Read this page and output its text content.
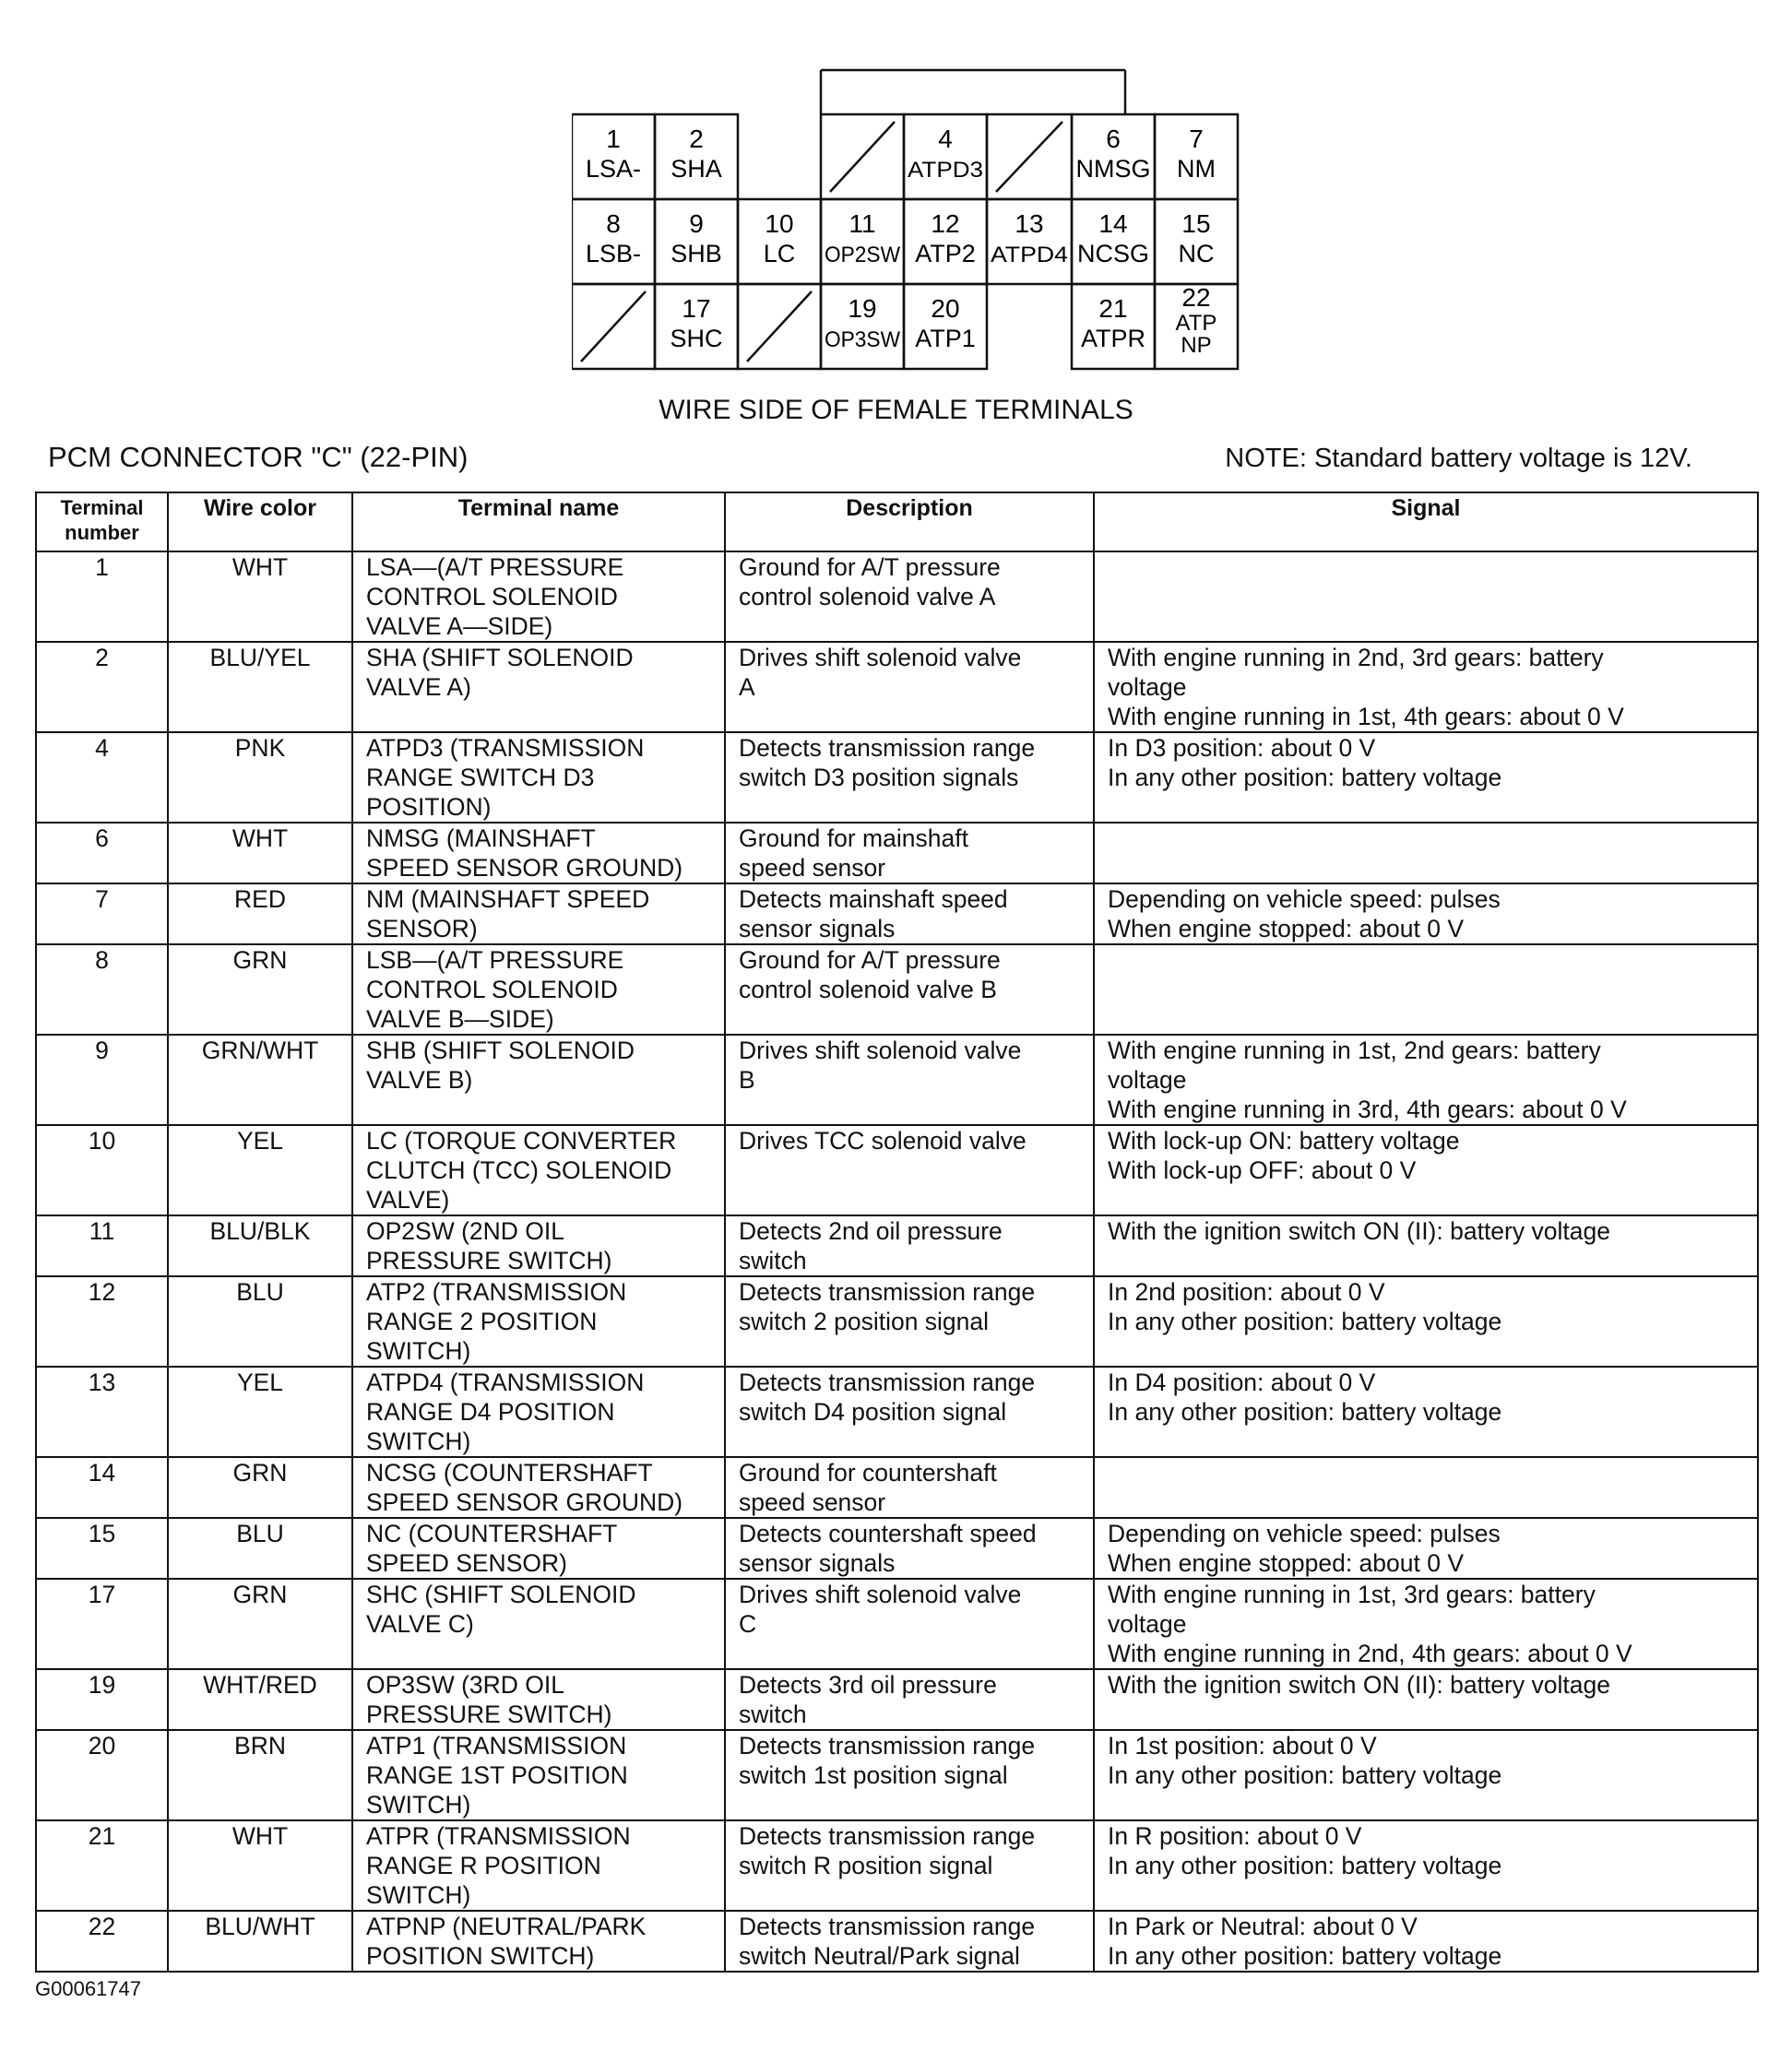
1
LSA-
2
SHA
4
ATPD3
6
NMSG
7
NM
8
LSB-
9
SHB
10
LC
11
OP2SW
12
ATP2
13
ATPD4
14
NCSG
15
NC
17
SHC
19
OP3SW
20
ATP1
21
ATPR
22
ATP
NP
WIRE SIDE OF FEMALE TERMINALS
PCM CONNECTOR "C" (22-PIN)	NOTE: Standard battery voltage is 12V.
Terminal
number	Wire color	Terminal name	Description	Signal
1	WHT	LSA—(A/T PRESSURE
CONTROL SOLENOID
VALVE A—SIDE)	Ground for A/T pressure
control solenoid valve A	
2	BLU/YEL	SHA (SHIFT SOLENOID
VALVE A)	Drives shift solenoid valve
A	With engine running in 2nd, 3rd gears: battery
voltage
With engine running in 1st, 4th gears: about 0 V
4	PNK	ATPD3 (TRANSMISSION
RANGE SWITCH D3
POSITION)	Detects transmission range
switch D3 position signals	In D3 position: about 0 V
In any other position: battery voltage
6	WHT	NMSG (MAINSHAFT
SPEED SENSOR GROUND)	Ground for mainshaft
speed sensor	
7	RED	NM (MAINSHAFT SPEED
SENSOR)	Detects mainshaft speed
sensor signals	Depending on vehicle speed: pulses
When engine stopped: about 0 V
8	GRN	LSB—(A/T PRESSURE
CONTROL SOLENOID
VALVE B—SIDE)	Ground for A/T pressure
control solenoid valve B	
9	GRN/WHT	SHB (SHIFT SOLENOID
VALVE B)	Drives shift solenoid valve
B	With engine running in 1st, 2nd gears: battery
voltage
With engine running in 3rd, 4th gears: about 0 V
10	YEL	LC (TORQUE CONVERTER
CLUTCH (TCC) SOLENOID
VALVE)	Drives TCC solenoid valve	With lock-up ON: battery voltage
With lock-up OFF: about 0 V
11	BLU/BLK	OP2SW (2ND OIL
PRESSURE SWITCH)	Detects 2nd oil pressure
switch	With the ignition switch ON (II): battery voltage
12	BLU	ATP2 (TRANSMISSION
RANGE 2 POSITION
SWITCH)	Detects transmission range
switch 2 position signal	In 2nd position: about 0 V
In any other position: battery voltage
13	YEL	ATPD4 (TRANSMISSION
RANGE D4 POSITION
SWITCH)	Detects transmission range
switch D4 position signal	In D4 position: about 0 V
In any other position: battery voltage
14	GRN	NCSG (COUNTERSHAFT
SPEED SENSOR GROUND)	Ground for countershaft
speed sensor	
15	BLU	NC (COUNTERSHAFT
SPEED SENSOR)	Detects countershaft speed
sensor signals	Depending on vehicle speed: pulses
When engine stopped: about 0 V
17	GRN	SHC (SHIFT SOLENOID
VALVE C)	Drives shift solenoid valve
C	With engine running in 1st, 3rd gears: battery
voltage
With engine running in 2nd, 4th gears: about 0 V
19	WHT/RED	OP3SW (3RD OIL
PRESSURE SWITCH)	Detects 3rd oil pressure
switch	With the ignition switch ON (II): battery voltage
20	BRN	ATP1 (TRANSMISSION
RANGE 1ST POSITION
SWITCH)	Detects transmission range
switch 1st position signal	In 1st position: about 0 V
In any other position: battery voltage
21	WHT	ATPR (TRANSMISSION
RANGE R POSITION
SWITCH)	Detects transmission range
switch R position signal	In R position: about 0 V
In any other position: battery voltage
22	BLU/WHT	ATPNP (NEUTRAL/PARK
POSITION SWITCH)	Detects transmission range
switch Neutral/Park signal	In Park or Neutral: about 0 V
In any other position: battery voltage
G00061747
